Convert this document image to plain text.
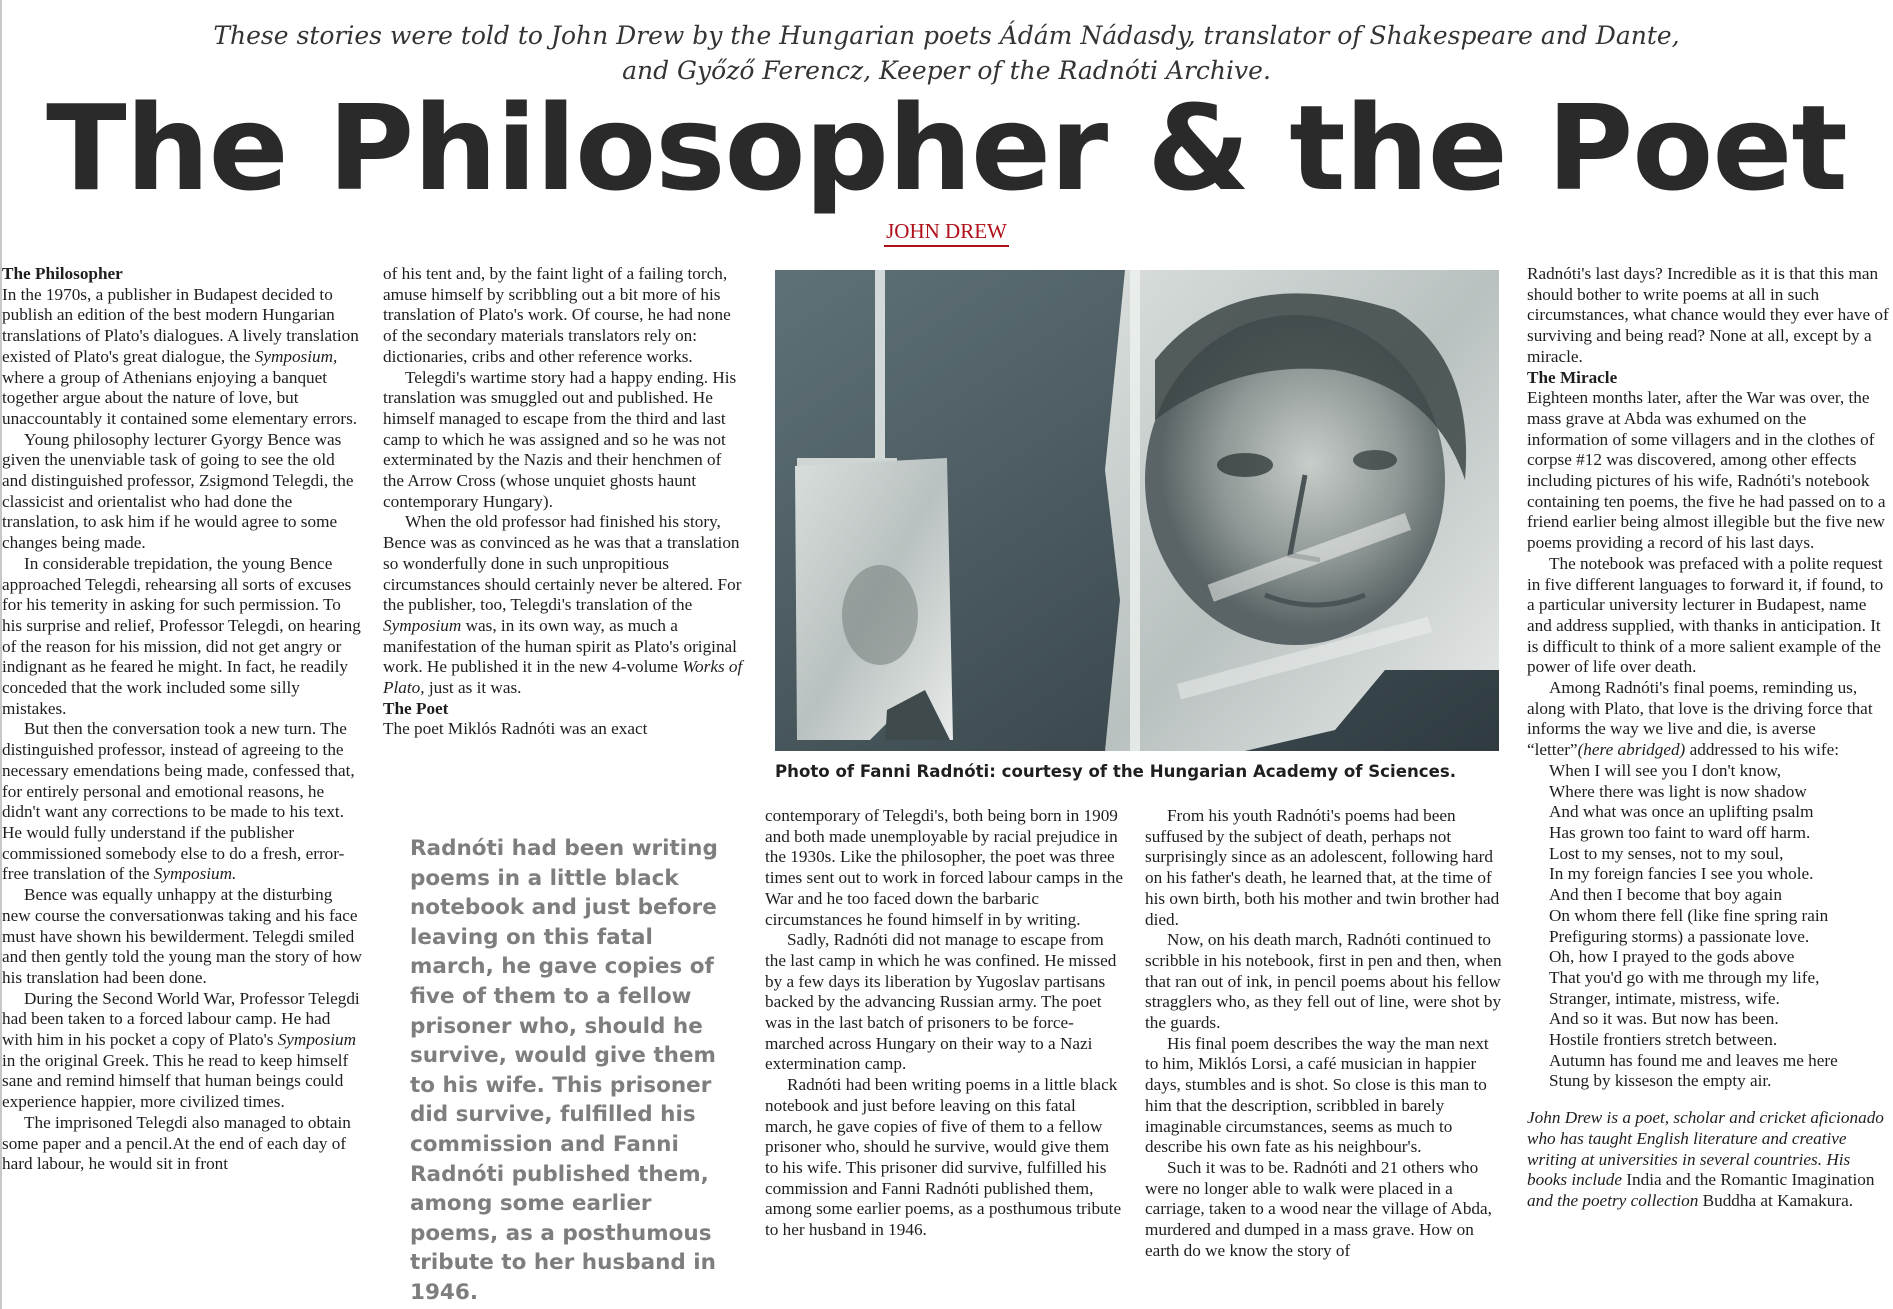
These stories were told to John Drew by the Hungarian poets Ádám Nádasdy, translator of Shakespeare and Dante,
and Győző Ferencz, Keeper of the Radnóti Archive.
The Philosopher & the Poet
JOHN DREW

The Philosopher

In the 1970s, a publisher in Budapest decided to publish an edition of the best modern Hungarian translations of Plato's dialogues. A lively translation existed of Plato's great dialogue, the Symposium, where a group of Athenians enjoying a banquet together argue about the nature of love, but unaccountably it contained some elementary errors.

Young philosophy lecturer Gyorgy Bence was given the unenviable task of going to see the old and distinguished professor, Zsigmond Telegdi, the classicist and orientalist who had done the translation, to ask him if he would agree to some changes being made.

In considerable trepidation, the young Bence approached Telegdi, rehearsing all sorts of excuses for his temerity in asking for such permission. To his surprise and relief, Professor Telegdi, on hearing of the reason for his mission, did not get angry or indignant as he feared he might. In fact, he readily conceded that the work included some silly mistakes.

But then the conversation took a new turn. The distinguished professor, instead of agreeing to the necessary emendations being made, confessed that, for entirely personal and emotional reasons, he didn't want any corrections to be made to his text. He would fully understand if the publisher commissioned somebody else to do a fresh, error-free translation of the Symposium.

Bence was equally unhappy at the disturbing new course the conversationwas taking and his face must have shown his bewilderment. Telegdi smiled and then gently told the young man the story of how his translation had been done.

During the Second World War, Professor Telegdi had been taken to a forced labour camp. He had with him in his pocket a copy of Plato's Symposium in the original Greek. This he read to keep himself sane and remind himself that human beings could experience happier, more civilized times.

The imprisoned Telegdi also managed to obtain some paper and a pencil.At the end of each day of hard labour, he would sit in front

of his tent and, by the faint light of a failing torch, amuse himself by scribbling out a bit more of his translation of Plato's work. Of course, he had none of the secondary materials translators rely on: dictionaries, cribs and other reference works.

Telegdi's wartime story had a happy ending. His translation was smuggled out and published. He himself managed to escape from the third and last camp to which he was assigned and so he was not exterminated by the Nazis and their henchmen of the Arrow Cross (whose unquiet ghosts haunt contemporary Hungary).

When the old professor had finished his story, Bence was as convinced as he was that a translation so wonderfully done in such unpropitious circumstances should certainly never be altered. For the publisher, too, Telegdi's translation of the Symposium was, in its own way, as much a manifestation of the human spirit as Plato's original work. He published it in the new 4-volume Works of Plato, just as it was.

The Poet

The poet Miklós Radnóti was an exact

Radnóti had been writing poems in a little black notebook and just before leaving on this fatal march, he gave copies of five of them to a fellow prisoner who, should he survive, would give them to his wife. This prisoner did survive, fulfilled his commission and Fanni Radnóti published them, among some earlier poems, as a posthumous tribute to her husband in 1946.
Photo of Fanni Radnóti: courtesy of the Hungarian Academy of Sciences.

contemporary of Telegdi's, both being born in 1909 and both made unemployable by racial prejudice in the 1930s. Like the philosopher, the poet was three times sent out to work in forced labour camps in the War and he too faced down the barbaric circumstances he found himself in by writing.

Sadly, Radnóti did not manage to escape from the last camp in which he was confined. He missed by a few days its liberation by Yugoslav partisans backed by the advancing Russian army. The poet was in the last batch of prisoners to be force-marched across Hungary on their way to a Nazi extermination camp.

Radnóti had been writing poems in a little black notebook and just before leaving on this fatal march, he gave copies of five of them to a fellow prisoner who, should he survive, would give them to his wife. This prisoner did survive, fulfilled his commission and Fanni Radnóti published them, among some earlier poems, as a posthumous tribute to her husband in 1946.

From his youth Radnóti's poems had been suffused by the subject of death, perhaps not surprisingly since as an adolescent, following hard on his father's death, he learned that, at the time of his own birth, both his mother and twin brother had died.

Now, on his death march, Radnóti continued to scribble in his notebook, first in pen and then, when that ran out of ink, in pencil poems about his fellow stragglers who, as they fell out of line, were shot by the guards.

His final poem describes the way the man next to him, Miklós Lorsi, a café musician in happier days, stumbles and is shot. So close is this man to him that the description, scribbled in barely imaginable circumstances, seems as much to describe his own fate as his neighbour's.

Such it was to be. Radnóti and 21 others who were no longer able to walk were placed in a carriage, taken to a wood near the village of Abda, murdered and dumped in a mass grave. How on earth do we know the story of

Radnóti's last days? Incredible as it is that this man should bother to write poems at all in such circumstances, what chance would they ever have of surviving and being read? None at all, except by a miracle.

The Miracle

Eighteen months later, after the War was over, the mass grave at Abda was exhumed on the information of some villagers and in the clothes of corpse #12 was discovered, among other effects including pictures of his wife, Radnóti's notebook containing ten poems, the five he had passed on to a friend earlier being almost illegible but the five new poems providing a record of his last days.

The notebook was prefaced with a polite request in five different languages to forward it, if found, to a particular university lecturer in Budapest, name and address supplied, with thanks in anticipation. It is difficult to think of a more salient example of the power of life over death.

Among Radnóti's final poems, reminding us, along with Plato, that love is the driving force that informs the way we live and die, is averse “letter”(here abridged) addressed to his wife:

When I will see you I don't know,

Where there was light is now shadow

And what was once an uplifting psalm

Has grown too faint to ward off harm.

Lost to my senses, not to my soul,

In my foreign fancies I see you whole.

And then I become that boy again

On whom there fell (like fine spring rain

Prefiguring storms) a passionate love.

Oh, how I prayed to the gods above

That you'd go with me through my life,

Stranger, intimate, mistress, wife.

And so it was. But now has been.

Hostile frontiers stretch between.

Autumn has found me and leaves me here

Stung by kisseson the empty air.

John Drew is a poet, scholar and cricket aficionado who has taught English literature and creative writing at universities in several countries. His books include India and the Romantic Imagination and the poetry collection Buddha at Kamakura.
